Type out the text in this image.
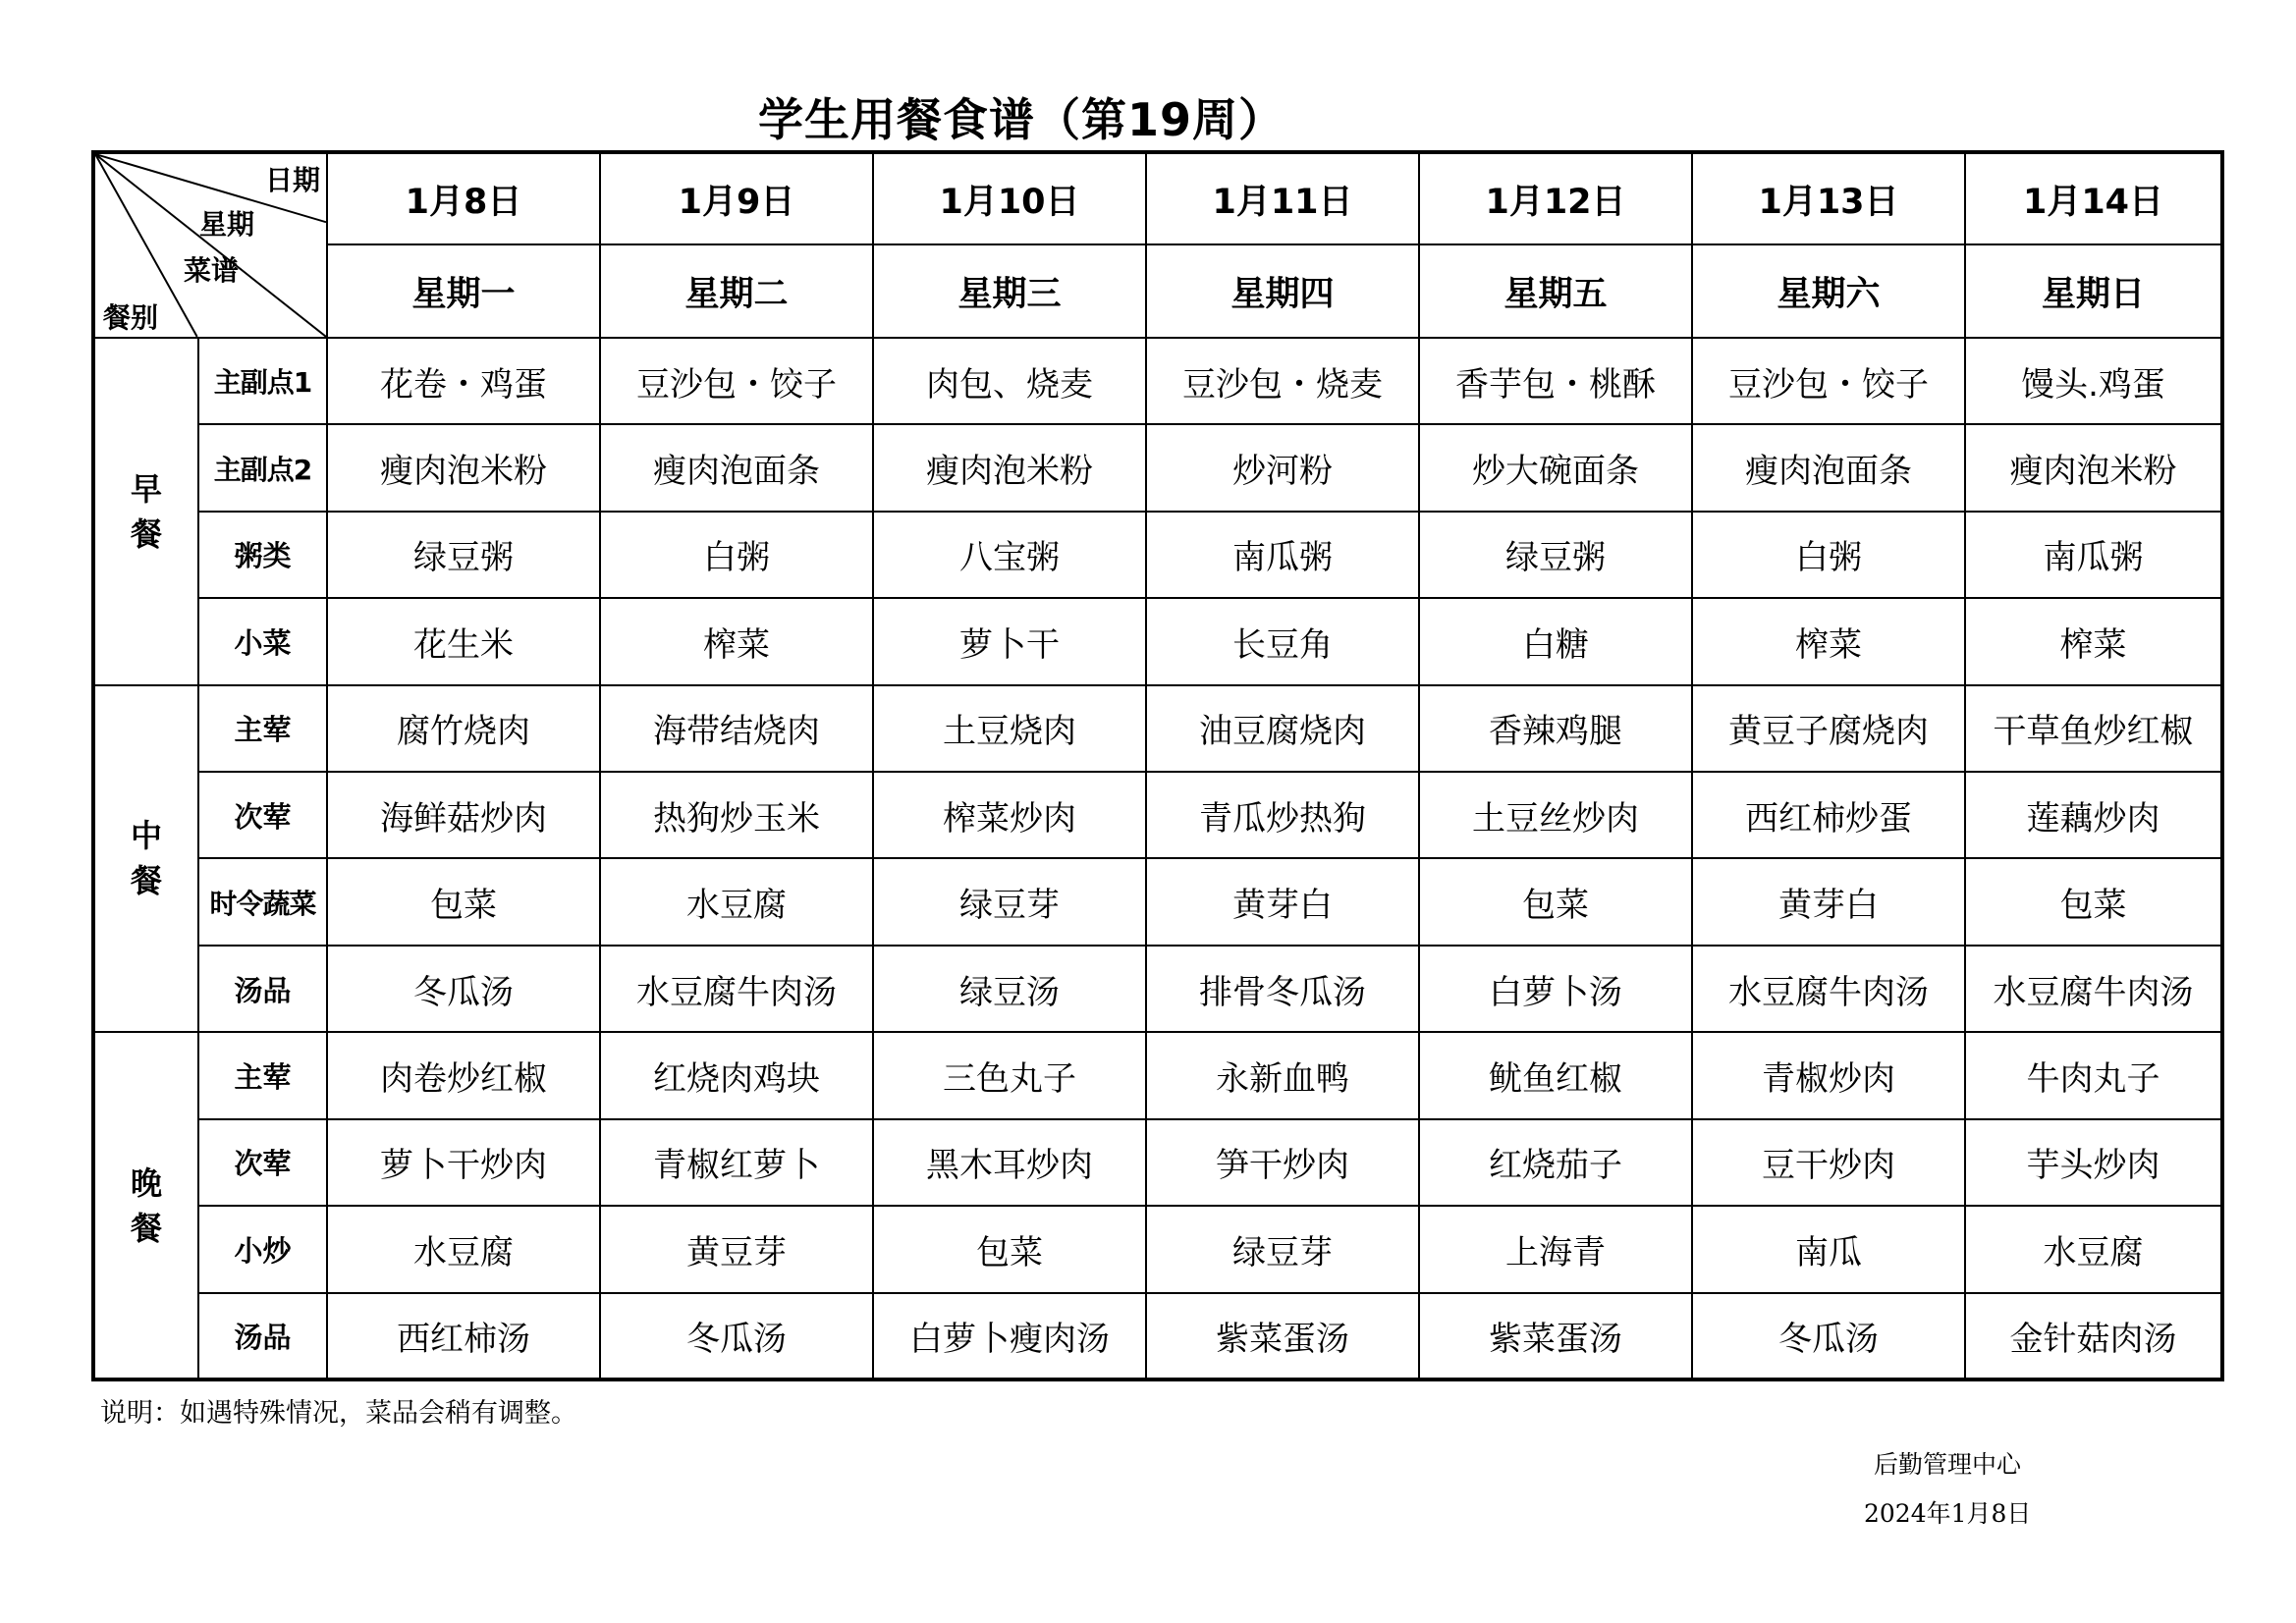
学生用餐食谱（第19周）
日期
星期
菜谱
餐别		1月8日	1月9日	1月10日	1月11日	1月12日	1月13日	1月14日
		星期一	星期二	星期三	星期四	星期五	星期六	星期日

早
餐	主副点1	花卷・鸡蛋	豆沙包・饺子	肉包、烧麦	豆沙包・烧麦	香芋包・桃酥	豆沙包・饺子	馒头.鸡蛋
	主副点2	瘦肉泡米粉	瘦肉泡面条	瘦肉泡米粉	炒河粉	炒大碗面条	瘦肉泡面条	瘦肉泡米粉
	粥类	绿豆粥	白粥	八宝粥	南瓜粥	绿豆粥	白粥	南瓜粥
	小菜	花生米	榨菜	萝卜干	长豆角	白糖	榨菜	榨菜

中
餐	主荤	腐竹烧肉	海带结烧肉	土豆烧肉	油豆腐烧肉	香辣鸡腿	黄豆子腐烧肉	干草鱼炒红椒
	次荤	海鲜菇炒肉	热狗炒玉米	榨菜炒肉	青瓜炒热狗	土豆丝炒肉	西红柿炒蛋	莲藕炒肉
	时令蔬菜	包菜	水豆腐	绿豆芽	黄芽白	包菜	黄芽白	包菜
	汤品	冬瓜汤	水豆腐牛肉汤	绿豆汤	排骨冬瓜汤	白萝卜汤	水豆腐牛肉汤	水豆腐牛肉汤

晚
餐	主荤	肉卷炒红椒	红烧肉鸡块	三色丸子	永新血鸭	鱿鱼红椒	青椒炒肉	牛肉丸子
	次荤	萝卜干炒肉	青椒红萝卜	黑木耳炒肉	笋干炒肉	红烧茄子	豆干炒肉	芋头炒肉
	小炒	水豆腐	黄豆芽	包菜	绿豆芽	上海青	南瓜	水豆腐
	汤品	西红柿汤	冬瓜汤	白萝卜瘦肉汤	紫菜蛋汤	紫菜蛋汤	冬瓜汤	金针菇肉汤
说明：如遇特殊情况，菜品会稍有调整。
后勤管理中心
2024年1月8日
